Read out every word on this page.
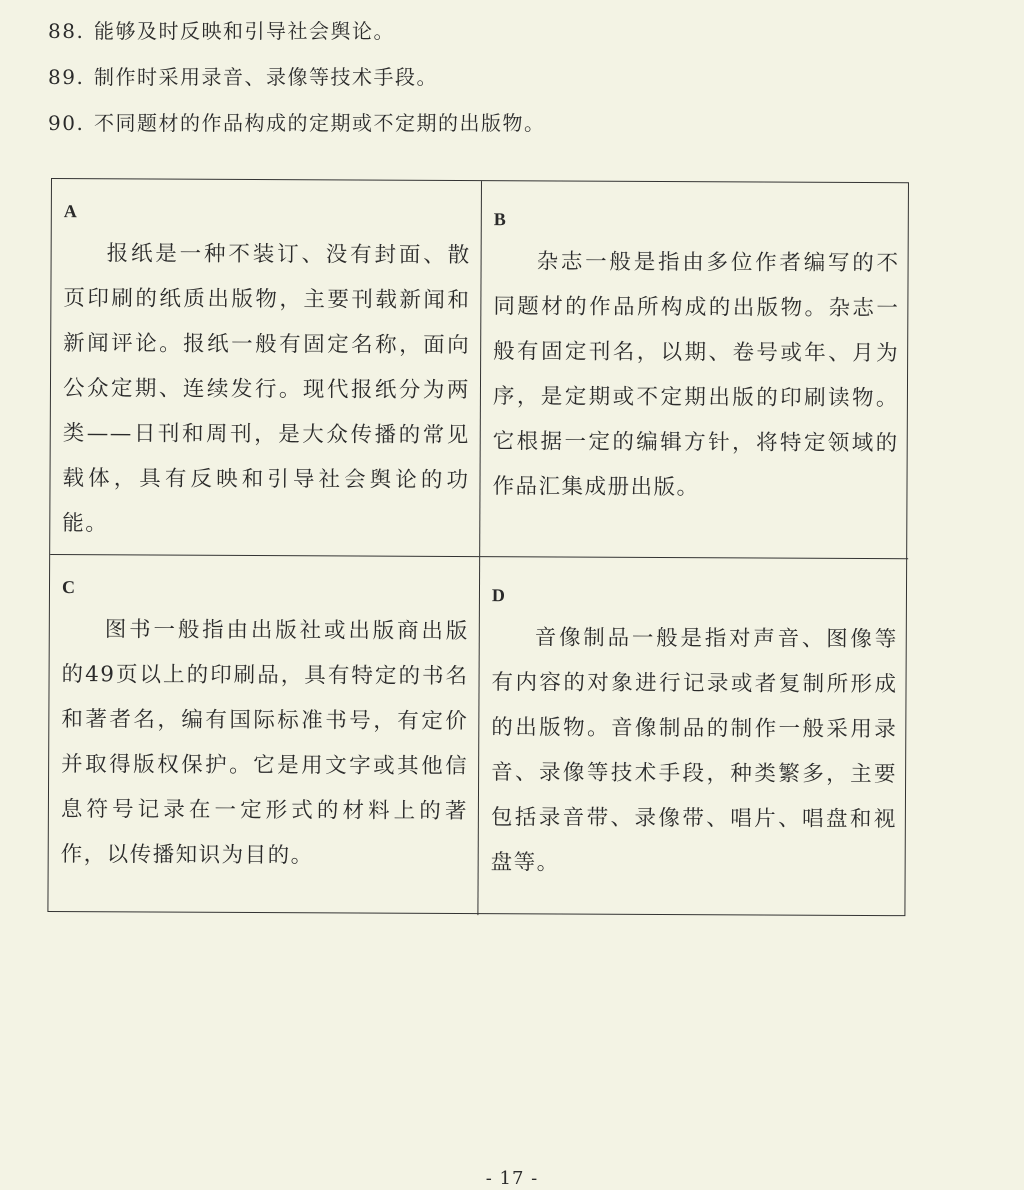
88. 能够及时反映和引导社会舆论。
89. 制作时采用录音、录像等技术手段。
90. 不同题材的作品构成的定期或不定期的出版物。
A
报纸是一种不装订、没有封面、散页印刷的纸质出版物，主要刊载新闻和新闻评论。报纸一般有固定名称，面向公众定期、连续发行。现代报纸分为两类——日刊和周刊，是大众传播的常见载体，具有反映和引导社会舆论的功能。
B
杂志一般是指由多位作者编写的不同题材的作品所构成的出版物。杂志一般有固定刊名，以期、卷号或年、月为序，是定期或不定期出版的印刷读物。它根据一定的编辑方针，将特定领域的作品汇集成册出版。
C
图书一般指由出版社或出版商出版的49页以上的印刷品，具有特定的书名和著者名，编有国际标准书号，有定价并取得版权保护。它是用文字或其他信息符号记录在一定形式的材料上的著作，以传播知识为目的。
D
音像制品一般是指对声音、图像等有内容的对象进行记录或者复制所形成的出版物。音像制品的制作一般采用录音、录像等技术手段，种类繁多，主要包括录音带、录像带、唱片、唱盘和视盘等。
- 17 -
